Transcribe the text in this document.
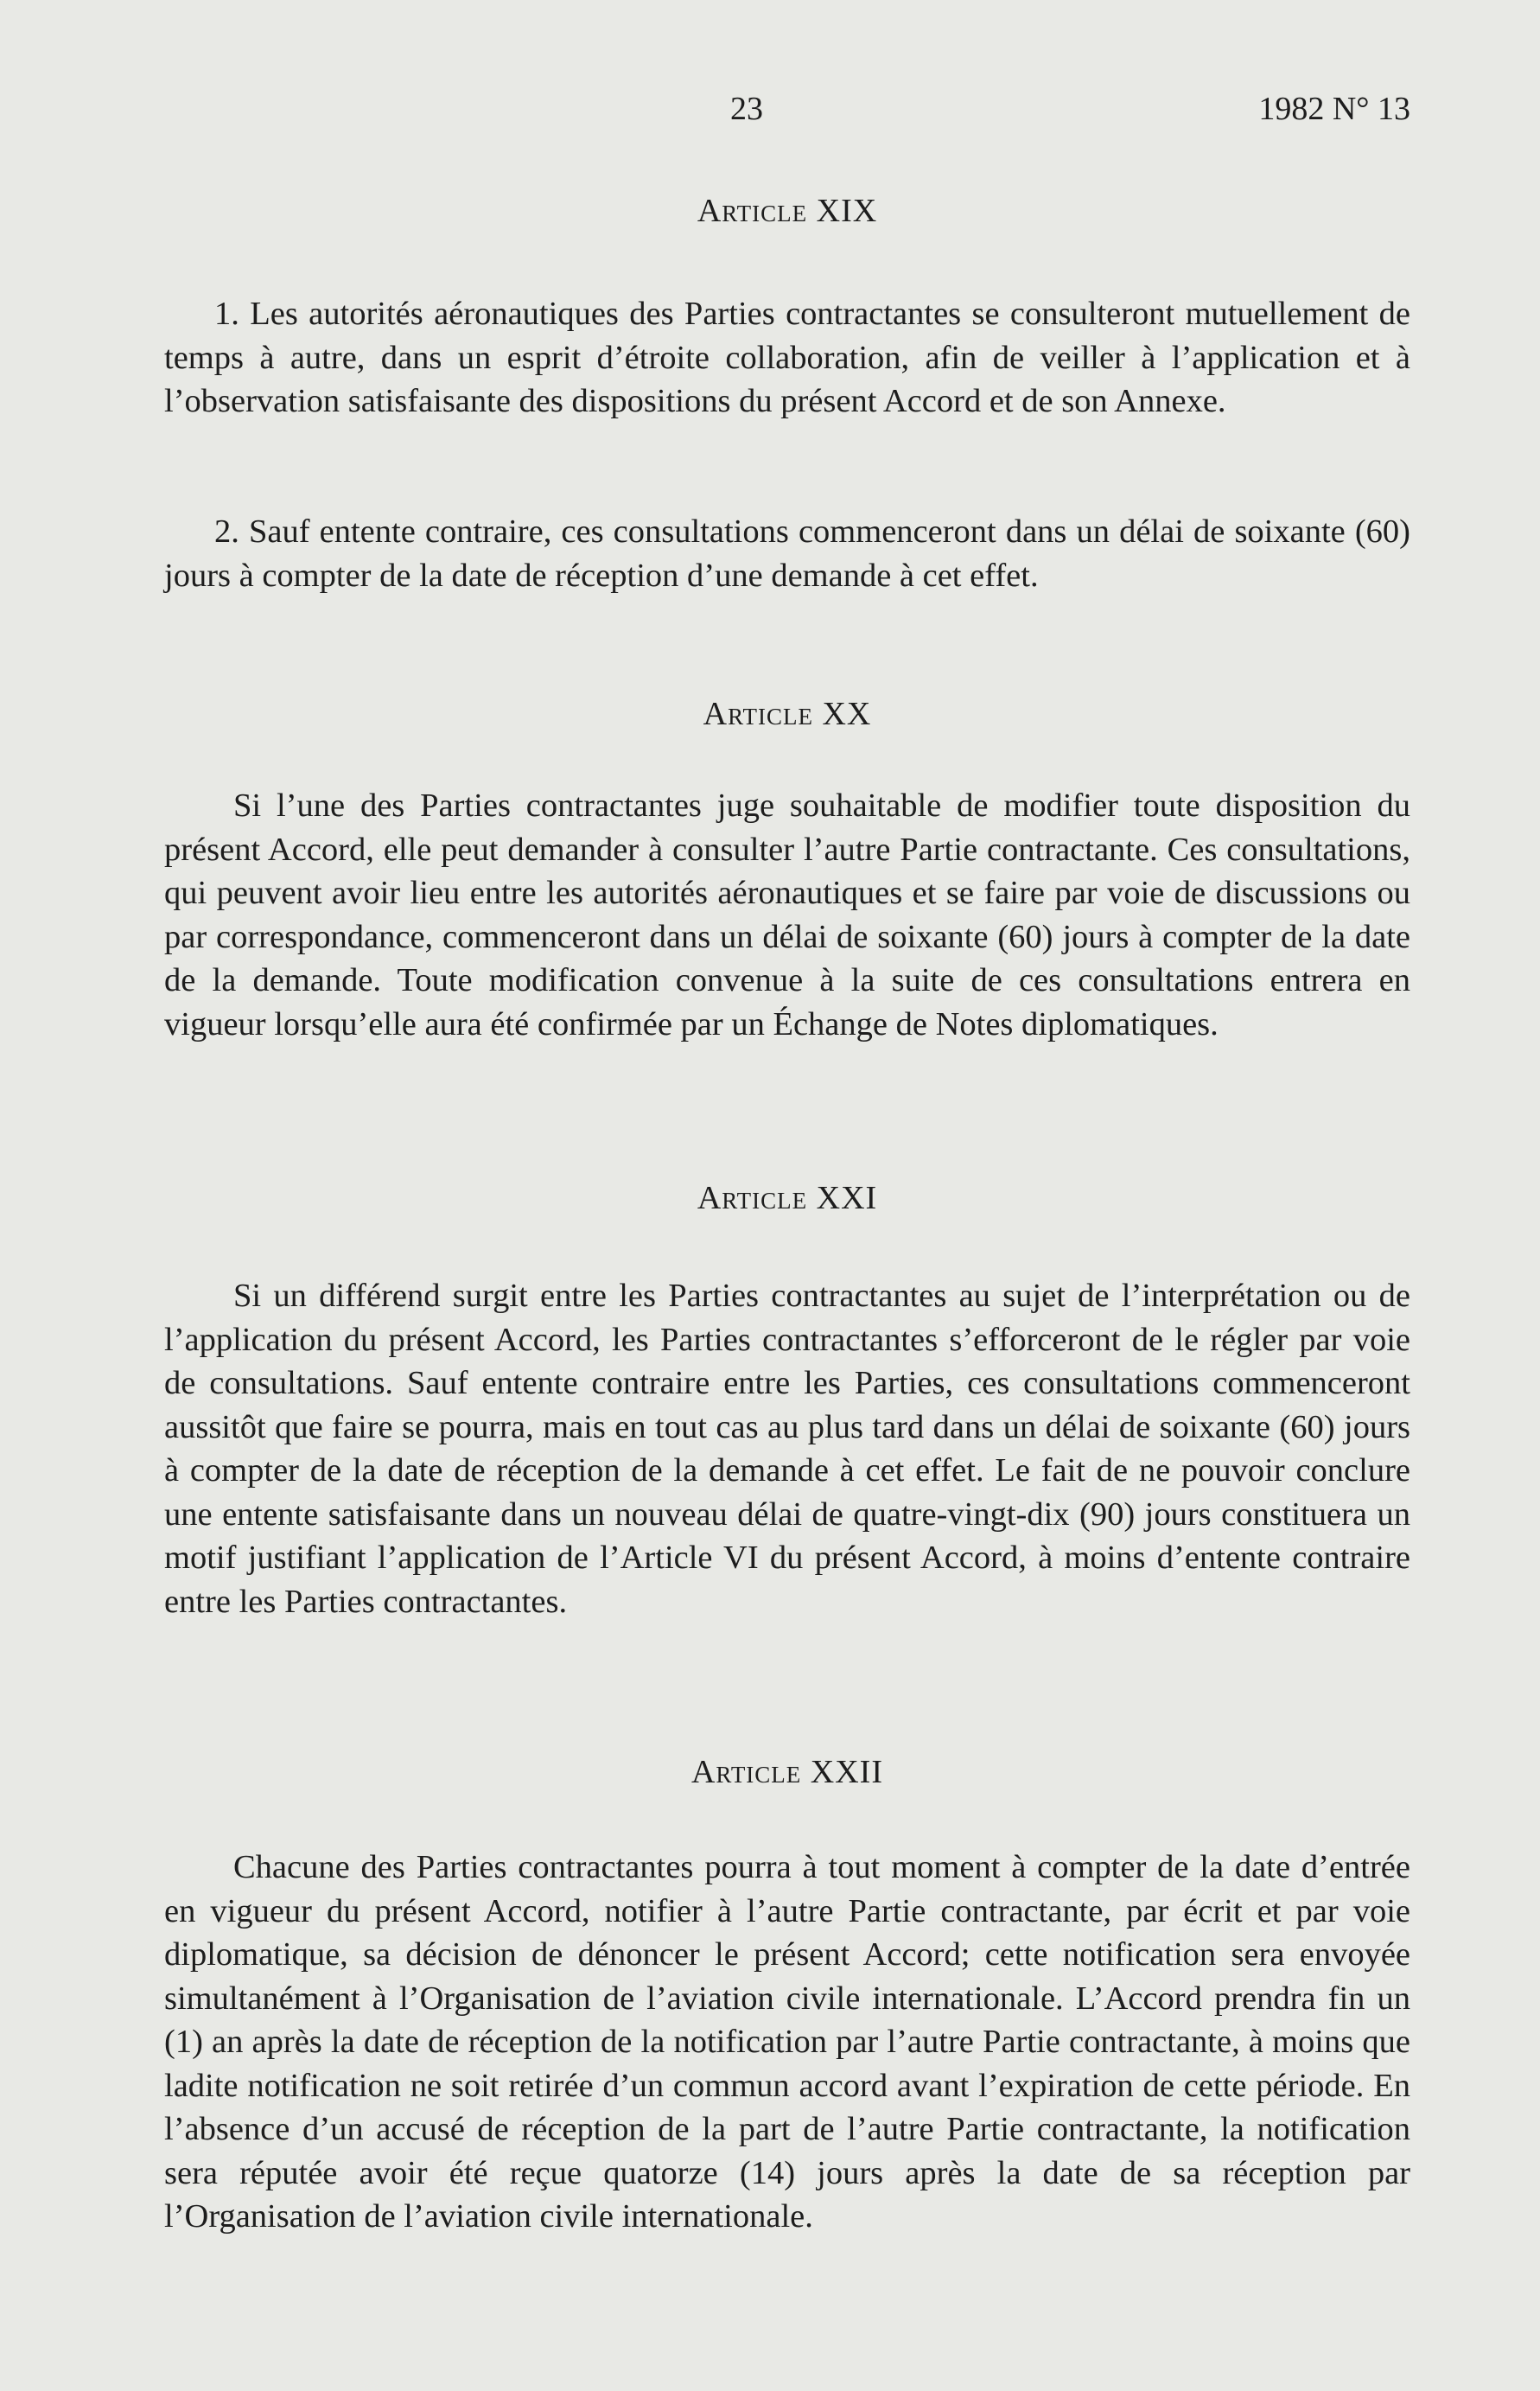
23	1982 N° 13
Article XIX

1. Les autorités aéronautiques des Parties contractantes se consulteront mutuellement de temps à autre, dans un esprit d’étroite collaboration, afin de veiller à l’application et à l’observation satisfaisante des dispositions du présent Accord et de son Annexe.

2. Sauf entente contraire, ces consultations commenceront dans un délai de soixante (60) jours à compter de la date de réception d’une demande à cet effet.

Article XX

Si l’une des Parties contractantes juge souhaitable de modifier toute disposition du présent Accord, elle peut demander à consulter l’autre Partie contractante. Ces consultations, qui peuvent avoir lieu entre les autorités aéronautiques et se faire par voie de discussions ou par correspondance, commenceront dans un délai de soixante (60) jours à compter de la date de la demande. Toute modification convenue à la suite de ces consultations entrera en vigueur lorsqu’elle aura été confirmée par un Échange de Notes diplomatiques.

Article XXI

Si un différend surgit entre les Parties contractantes au sujet de l’interprétation ou de l’application du présent Accord, les Parties contractantes s’efforceront de le régler par voie de consultations. Sauf entente contraire entre les Parties, ces consultations commenceront aussitôt que faire se pourra, mais en tout cas au plus tard dans un délai de soixante (60) jours à compter de la date de réception de la demande à cet effet. Le fait de ne pouvoir conclure une entente satisfaisante dans un nouveau délai de quatre-vingt-dix (90) jours constituera un motif justifiant l’application de l’Article VI du présent Accord, à moins d’entente contraire entre les Parties contractantes.

Article XXII

Chacune des Parties contractantes pourra à tout moment à compter de la date d’entrée en vigueur du présent Accord, notifier à l’autre Partie contractante, par écrit et par voie diplomatique, sa décision de dénoncer le présent Accord; cette notification sera envoyée simultanément à l’Organisation de l’aviation civile internationale. L’Accord prendra fin un (1) an après la date de réception de la notification par l’autre Partie contractante, à moins que ladite notification ne soit retirée d’un commun accord avant l’expiration de cette période. En l’absence d’un accusé de réception de la part de l’autre Partie contractante, la notification sera réputée avoir été reçue quatorze (14) jours après la date de sa réception par l’Organisation de l’aviation civile internationale.
